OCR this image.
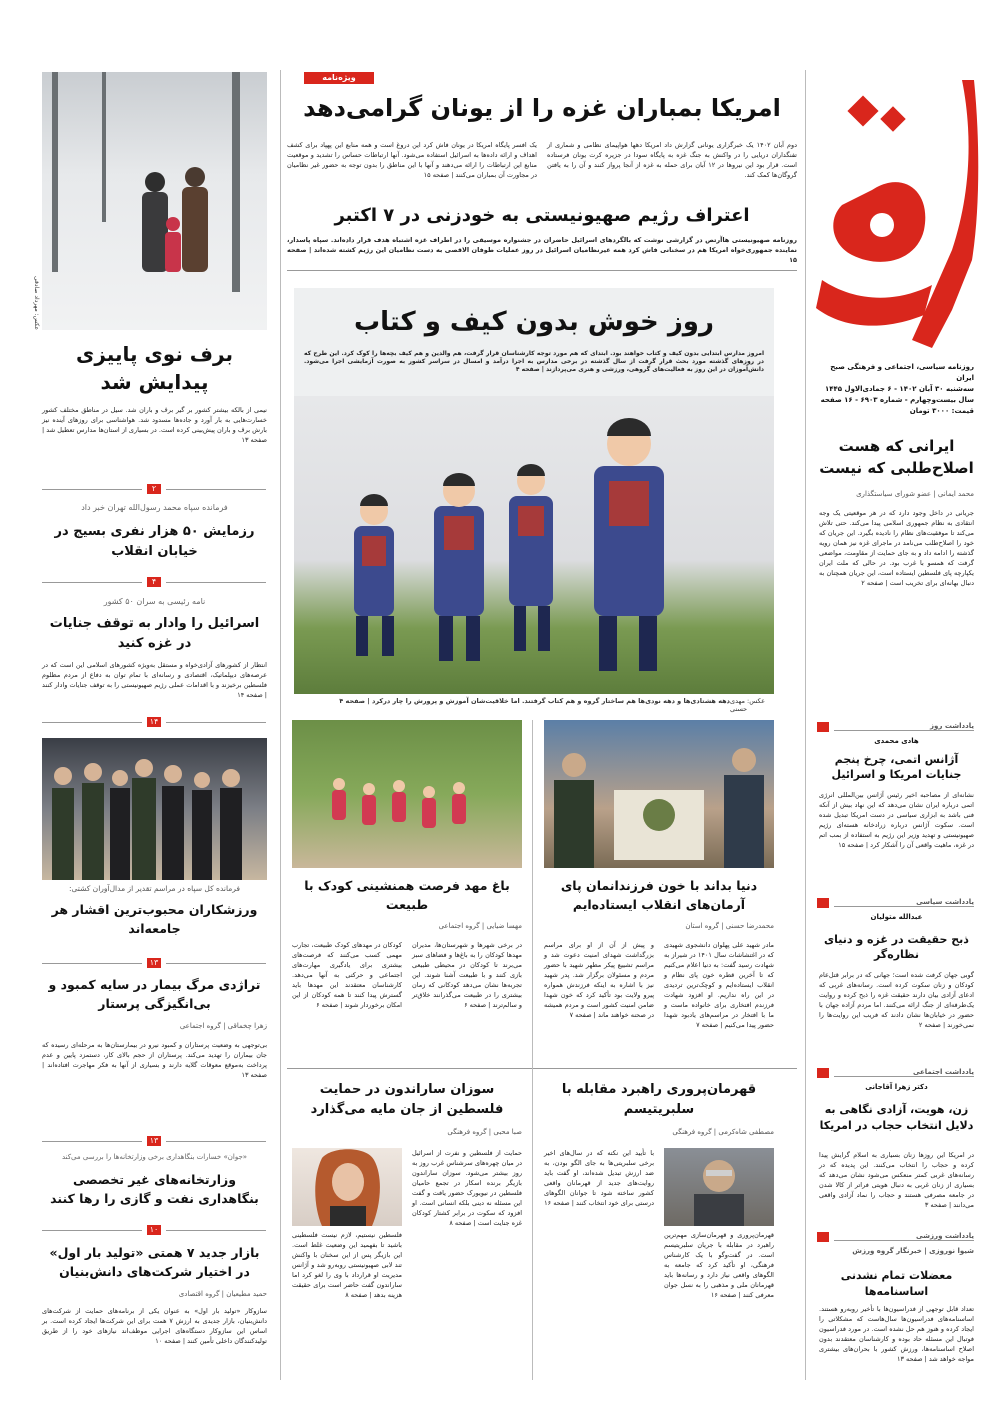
روزنامه سیاسی، اجتماعی و فرهنگی صبح ایران
سه‌شنبه ۳۰ آبان ۱۴۰۲ - ۶ جمادی‌الاول ۱۴۴۵
سال بیست‌وچهارم - شماره ۶۹۰۳ - ۱۶ صفحه
قیمت: ۳۰۰۰ تومان
ایرانی که هست اصلاح‌طلبی که نیست
محمد ایمانی | عضو شورای سیاستگذاری
جریانی در داخل وجود دارد که در هر موقعیتی یک وجه انتقادی به نظام جمهوری اسلامی پیدا می‌کند. حتی تلاش می‌کند تا موفقیت‌های نظام را نادیده بگیرد. این جریان که خود را اصلاح‌طلب می‌نامد در ماجرای غزه نیز همان رویه گذشته را ادامه داد و به جای حمایت از مقاومت، مواضعی گرفت که همسو با غرب بود. در حالی که ملت ایران یکپارچه پای فلسطین ایستاده است، این جریان همچنان به دنبال بهانه‌ای برای تخریب است | صفحه ۲
یادداشت روز
هادی محمدی
آژانس اتمی، چرخ پنجم جنایات امریکا و اسرائیل
نشانه‌ای از مصاحبه اخیر رئیس آژانس بین‌المللی انرژی اتمی درباره ایران نشان می‌دهد که این نهاد بیش از آنکه فنی باشد به ابزاری سیاسی در دست امریکا تبدیل شده است. سکوت آژانس درباره زرادخانه هسته‌ای رژیم صهیونیستی و تهدید وزیر این رژیم به استفاده از بمب اتم در غزه، ماهیت واقعی آن را آشکار کرد | صفحه ۱۵
یادداشت سیاسی
عبدالله متولیان
ذبح حقیقت در غزه و دنیای نظاره‌گر
گوبی جهان کرفت شده است؛ جهانی که در برابر قتل‌عام کودکان و زنان سکوت کرده است. رسانه‌های غربی که ادعای آزادی بیان دارند حقیقت غزه را ذبح کرده و روایت یک‌طرفه‌ای از جنگ ارائه می‌کنند. اما مردم آزاده جهان با حضور در خیابان‌ها نشان دادند که فریب این روایت‌ها را نمی‌خورند | صفحه ۲
یادداشت اجتماعی
دکتر زهرا آقاجانی
زن، هویت، آزادی نگاهی به دلایل انتخاب حجاب در امریکا
در امریکا این روزها زنان بسیاری به اسلام گرایش پیدا کرده و حجاب را انتخاب می‌کنند. این پدیده که در رسانه‌های غربی کمتر منعکس می‌شود نشان می‌دهد که بسیاری از زنان غربی به دنبال هویتی فراتر از کالا شدن در جامعه مصرفی هستند و حجاب را نماد آزادی واقعی می‌دانند | صفحه ۳
یادداشت ورزشی
شیوا نوروزی | خبرنگار گروه ورزش
معضلات تمام نشدنی اساسنامه‌ها
تعداد قابل توجهی از فدراسیون‌ها با تأخیر روبه‌رو هستند. اساسنامه‌های فدراسیون‌ها سال‌هاست که مشکلاتی را ایجاد کرده و هنوز هم حل نشده است. در مورد فدراسیون فوتبال این مسئله حاد بوده و کارشناسان معتقدند بدون اصلاح اساسنامه‌ها، ورزش کشور با بحران‌های بیشتری مواجه خواهد شد | صفحه ۱۳
ویژه‌نامه
امریکا بمباران غزه را از یونان گرامی‌دهد
دوم آبان ۱۴۰۲ یک خبرگزاری یونانی گزارش داد امریکا دهها هواپیمای نظامی و شماری از تفنگداران دریایی را در واکنش به جنگ غزه به پایگاه سودا در جزیره کرت یونان فرستاده است. قرار بود این نیروها در ۱۲ آبان برای حمله به غزه از آنجا پرواز کنند و آن را به یافتن گروگان‌ها کمک کند.
یک افسر پایگاه امریکا در یونان فاش کرد این دروغ است و همه منابع این پهپاد برای کشف اهداف و ارائه داده‌ها به اسرائیل استفاده می‌شود. آنها ارتباطات حساس را تشدید و موقعیت منابع این ارتباطات را ارائه می‌دهند و آنها با این مناطق را بدون توجه به حضور غیر نظامیان در مجاورت آن بمباران می‌کنند | صفحه ۱۵
اعتراف رژیم صهیونیستی به خودزنی در ۷ اکتبر
روزنامه صهیونیستی هاآرتص در گزارشی نوشت که بالگردهای اسرائیل حاضران در جشنواره موسیقی را در اطراف غزه اشتباه هدف قرار داده‌اند. سپاه‌ پاسدار، نماینده جمهوری‌خواه امریکا هم در سخنانی فاش کرد همه غیرنظامیان اسرائیل در روز عملیات طوفان الاقصی به دست نظامیان این رژیم کشته شده‌اند | صفحه ۱۵
روز خوش بدون کیف و کتاب
امروز مدارس ابتدایی بدون کیف و کتاب خواهند بود. ابتدای که هم مورد توجه کارشناسان قرار گرفت، هم والدین و هم کیف بچه‌ها را کوک کرد. این طرح که در روزهای گذشته مورد بحث قرار گرفت از سال گذشته در برخی مدارس به اجرا درآمد و امسال در سراسر کشور به صورت آزمایشی اجرا می‌شود. دانش‌آموزان در این روز به فعالیت‌های گروهی، ورزشی و هنری می‌پردازند | صفحه ۴
دهه هشتادی‌ها و دهه نودی‌ها هم ساختار گروه و هم کتاب گرفتند. اما خلاقیت‌شان آموزش و پرورش را چار درکرد | صفحه ۴ عکس: مهدی حسنی
دنیا بداند با خون فرزندانمان پای آرمان‌های انقلاب ایستاده‌ایم
محمدرضا حسنی | گروه استان
مادر شهید علی پهلوان دانشجوی شهیدی که در اغتشاشات سال ۱۴۰۱ در شیراز به شهادت رسید گفت: به دنیا اعلام می‌کنیم که تا آخرین قطره خون پای نظام و انقلاب ایستاده‌ایم و کوچک‌ترین تردیدی در این راه نداریم. او افزود شهادت فرزندم افتخاری برای خانواده ماست و ما با افتخار در مراسم‌های یادبود شهدا حضور پیدا می‌کنیم | صفحه ۷
و پیش از آن از او برای مراسم بزرگداشت شهدای امنیت دعوت شد و مراسم تشییع پیکر مطهر شهید با حضور مردم و مسئولان برگزار شد. پدر شهید نیز با اشاره به اینکه فرزندش همواره پیرو ولایت بود تأکید کرد که خون شهدا ضامن امنیت کشور است و مردم همیشه در صحنه خواهند ماند | صفحه ۷
باغ مهد فرصت همنشینی کودک با طبیعت
مهسا ضیایی | گروه اجتماعی
در برخی شهرها و شهرستان‌ها، مدیران مهدها کودکان را به باغ‌ها و فضاهای سبز می‌برند تا کودکان در محیطی طبیعی بازی کنند و با طبیعت آشنا شوند. این تجربه‌ها نشان می‌دهد کودکانی که زمان بیشتری را در طبیعت می‌گذرانند خلاق‌تر و سالم‌ترند | صفحه ۶
کودکان در مهدهای کودک طبیعت، تجارب مهمی کسب می‌کنند که فرصت‌های بیشتری برای یادگیری مهارت‌های اجتماعی و حرکتی به آنها می‌دهد. کارشناسان معتقدند این مهدها باید گسترش پیدا کنند تا همه کودکان از این امکان برخوردار شوند | صفحه ۶
قهرمان‌پروری راهبرد مقابله با سلبریتیسم
مصطفی شاه‌کرمی | گروه فرهنگی
قهرمان‌پروری و قهرمان‌سازی مهم‌ترین راهبرد در مقابله با جریان سلبریتیسم است. در گفت‌وگو با یک کارشناس فرهنگی، او تأکید کرد که جامعه به الگوهای واقعی نیاز دارد و رسانه‌ها باید قهرمانان ملی و مذهبی را به نسل جوان معرفی کنند | صفحه ۱۶
با تأیید این نکته که در سال‌های اخیر برخی سلبریتی‌ها به جای الگو بودن، به ضد ارزش تبدیل شده‌اند، او گفت باید روایت‌های جدید از قهرمانان واقعی کشور ساخته شود تا جوانان الگوهای درستی برای خود انتخاب کنند | صفحه ۱۶
سوزان ساراندون در حمایت فلسطین از جان مایه می‌گذارد
صبا محبی | گروه فرهنگی
حمایت از فلسطین و نفرت از اسرائیل در میان چهره‌های سرشناس غرب روز به روز بیشتر می‌شود. سوزان ساراندون بازیگر برنده اسکار در تجمع حامیان فلسطین در نیویورک حضور یافت و گفت این مسئله نه دینی بلکه انسانی است. او افزود که سکوت در برابر کشتار کودکان غزه جنایت است | صفحه ۸
فلسطین نیستیم، لازم نیست فلسطینی باشید تا بفهمید این وضعیت غلط است. این بازیگر پس از این سخنان با واکنش تند لابی صهیونیستی روبه‌رو شد و آژانس مدیریت او قرارداد با وی را لغو کرد اما ساراندون گفت حاضر است برای حقیقت هزینه بدهد | صفحه ۸
عکس: مهرداد صادقی
برف نوی پاییزی پیدایش شد
نیمی از بالکه بیشتر کشور بر گیر برف و باران شد. سیل در مناطق مختلف کشور خسارت‌هایی به بار آورد و جاده‌ها مسدود شد. هواشناسی برای روزهای آینده نیز بارش برف و باران پیش‌بینی کرده است. در بسیاری از استان‌ها مدارس تعطیل شد | صفحه ۱۳
۲
فرمانده سپاه محمد رسول‌الله تهران خبر داد
رزمایش ۵۰ هزار نفری بسیج در خیابان انقلاب
۴
نامه رئیسی به سران ۵۰ کشور
اسرائیل را وادار به توقف جنایات در غزه کنید
انتظار از کشورهای آزادی‌خواه و مستقل به‌ویژه کشورهای اسلامی این است که در عرصه‌های دیپلماتیک، اقتصادی و رسانه‌ای با تمام توان به دفاع از مردم مظلوم فلسطین برخیزند و با اقدامات عملی رژیم صهیونیستی را به توقف جنایات وادار کنند | صفحه ۱۴
۱۴
فرمانده کل سپاه در مراسم تقدیر از مدال‌آوران کشتی:
ورزشکاران محبوب‌ترین اقشار هر جامعه‌اند
۱۳
تراژدی مرگ بیمار در سایه کمبود و بی‌انگیزگی پرستار
زهرا چخماقی | گروه اجتماعی
بی‌توجهی به وضعیت پرستاران و کمبود نیرو در بیمارستان‌ها به مرحله‌ای رسیده که جان بیماران را تهدید می‌کند. پرستاران از حجم بالای کار، دستمزد پایین و عدم پرداخت به‌موقع معوقات گلایه دارند و بسیاری از آنها به فکر مهاجرت افتاده‌اند | صفحه ۱۳
۱۳
«جوان» خسارات بنگاهداری برخی وزارتخانه‌ها را بررسی می‌کند
وزارتخانه‌های غیر تخصصی بنگاهداری نفت و گازی را رها کنند
۱۰
بازار جدید ۷ همتی «تولید بار اول» در اختیار شرکت‌های دانش‌بنیان
حمید مطیعیان | گروه اقتصادی
سازوکار «تولید بار اول» به عنوان یکی از برنامه‌های حمایت از شرکت‌های دانش‌بنیان، بازار جدیدی به ارزش ۷ همت برای این شرکت‌ها ایجاد کرده است. بر اساس این سازوکار دستگاه‌های اجرایی موظف‌اند نیازهای خود را از طریق تولیدکنندگان داخلی تأمین کنند | صفحه ۱۰
